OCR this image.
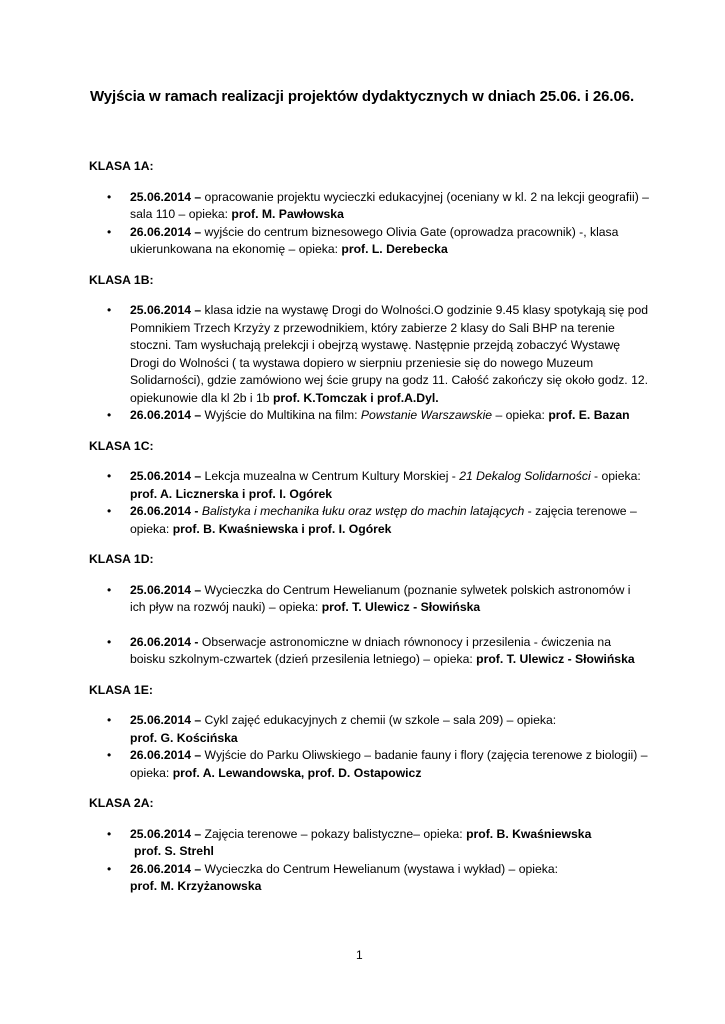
Wyjścia w ramach realizacji projektów dydaktycznych w dniach 25.06. i 26.06.
KLASA 1A:
• 25.06.2014 – opracowanie projektu wycieczki edukacyjnej (oceniany w kl. 2 na lekcji geografii) – sala 110 – opieka: prof. M. Pawłowska
• 26.06.2014 – wyjście do centrum biznesowego Olivia Gate (oprowadza pracownik) -, klasa ukierunkowana na ekonomię – opieka: prof. L. Derebecka
KLASA 1B:
• 25.06.2014 – klasa idzie na wystawę Drogi do Wolności.O godzinie 9.45 klasy spotykają się pod Pomnikiem Trzech Krzyży z przewodnikiem, który zabierze 2 klasy do Sali BHP na terenie stoczni. Tam wysłuchają prelekcji i obejrzą wystawę. Następnie przejdą zobaczyć Wystawę Drogi do Wolności ( ta wystawa dopiero w sierpniu przeniesie się do nowego Muzeum Solidarności), gdzie zamówiono wej ście grupy na godz 11. Całość zakończy się około godz. 12. opiekunowie dla kl 2b i 1b prof. K.Tomczak i prof.A.Dyl.
• 26.06.2014 – Wyjście do Multikina na film: Powstanie Warszawskie – opieka: prof. E. Bazan
KLASA 1C:
• 25.06.2014 – Lekcja muzealna w Centrum Kultury Morskiej - 21 Dekalog Solidarności - opieka: prof. A. Licznerska i prof. I. Ogórek
• 26.06.2014 - Balistyka i mechanika łuku oraz wstęp do machin latających - zajęcia terenowe – opieka: prof. B. Kwaśniewska i prof. I. Ogórek
KLASA 1D:
• 25.06.2014 – Wycieczka do Centrum Hewelianum (poznanie sylwetek polskich astronomów i ich pływ na rozwój nauki) – opieka: prof. T. Ulewicz - Słowińska
• 26.06.2014 - Obserwacje astronomiczne w dniach równonocy i przesilenia - ćwiczenia na boisku szkolnym-czwartek (dzień przesilenia letniego) – opieka: prof. T. Ulewicz - Słowińska
KLASA 1E:
• 25.06.2014 – Cykl zajęć edukacyjnych z chemii (w szkole – sala 209) – opieka:
prof. G. Kościńska
• 26.06.2014 – Wyjście do Parku Oliwskiego – badanie fauny i flory (zajęcia terenowe z biologii) – opieka: prof. A. Lewandowska, prof. D. Ostapowicz
KLASA 2A:
• 25.06.2014 – Zajęcia terenowe – pokazy balistyczne– opieka: prof. B. Kwaśniewska
prof. S. Strehl
• 26.06.2014 – Wycieczka do Centrum Hewelianum (wystawa i wykład) – opieka:
prof. M. Krzyżanowska
1
